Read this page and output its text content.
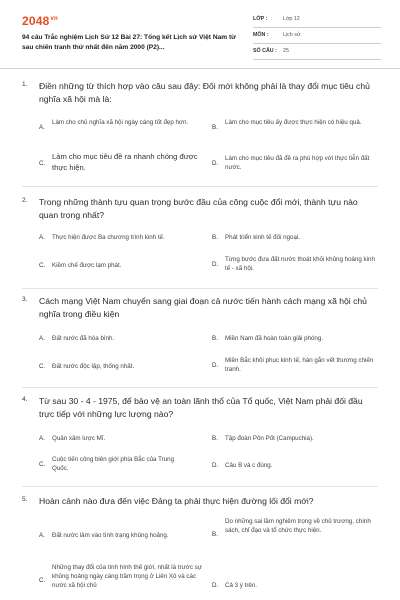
$2048^{vn}$
94 câu Trắc nghiệm Lịch Sử 12 Bài 27: Tổng kết Lịch sử Việt Nam từ sau chiến tranh thứ nhất đến năm 2000 (P2)...
LỚP :	Lớp 12
MÔN :	Lịch sử
SỐ CÂU : 25
1. Điền những từ thích hợp vào câu sau đây: Đối mới không phải là thay đổi mục tiêu chủ nghĩa xã hội mà là:
A.
Làm cho chủ nghĩa xã hội ngày càng tốt đẹp hơn.
B.
Làm cho mục tiêu ấy được thực hiện có hiệu quả.
C.
Làm cho mục tiêu đề ra nhanh chóng được thực hiện.	D.
Làm cho mục tiêu đã đề ra phù hợp với thực tiễn đất nước.
2. Trong những thành tựu quan trọng bước đầu của công cuộc đổi mới, thành tựu nào quan trọng nhất?
A. Thực hiện được Ba chương trình kinh tế.	B. Phát triển kinh tế đối ngoại.
C. Kiềm chế được lạm phát.	D.
Từng bước đưa đất nước thoát khỏi khủng hoảng kinh tế - xã hội.
3. Cách mạng Việt Nam chuyển sang giai đoạn cả nước tiến hành cách mạng xã hội chủ nghĩa trong điều kiện
A. Đất nước đã hòa bình.	B. Miền Nam đã hoàn toàn giải phóng.
C. Đất nước độc lập, thống nhất.	D.
Miền Bắc khôi phục kinh tế, hàn gắn vết thương chiến tranh.
4. Từ sau 30 - 4 - 1975, để bảo vệ an toàn lãnh thổ của Tổ quốc, Việt Nam phải đối đầu trực tiếp với những lực lượng nào?
A. Quân xâm lược Mĩ.	B. Tập đoàn Pôn Pốt (Campuchia).
C.
Cuộc tiến công biên giới phía Bắc của Trung Quốc.	D. Câu B và c đúng.
5. Hoàn cảnh nào đưa đến việc Đảng ta phải thực hiện đường lối đổi mới?
A. Đất nước lâm vào tình trạng khủng hoảng.	B.
Do những sai lầm nghiêm trọng về chủ trương, chính sách, chỉ đạo và tổ chức thực hiện.
C.
Những thay đổi của tình hình thế giới, nhất là trước sự khủng hoảng ngày càng trầm trọng ở Liên Xô và các nước xã hội chủ	D. Cả 3 ý trên.
